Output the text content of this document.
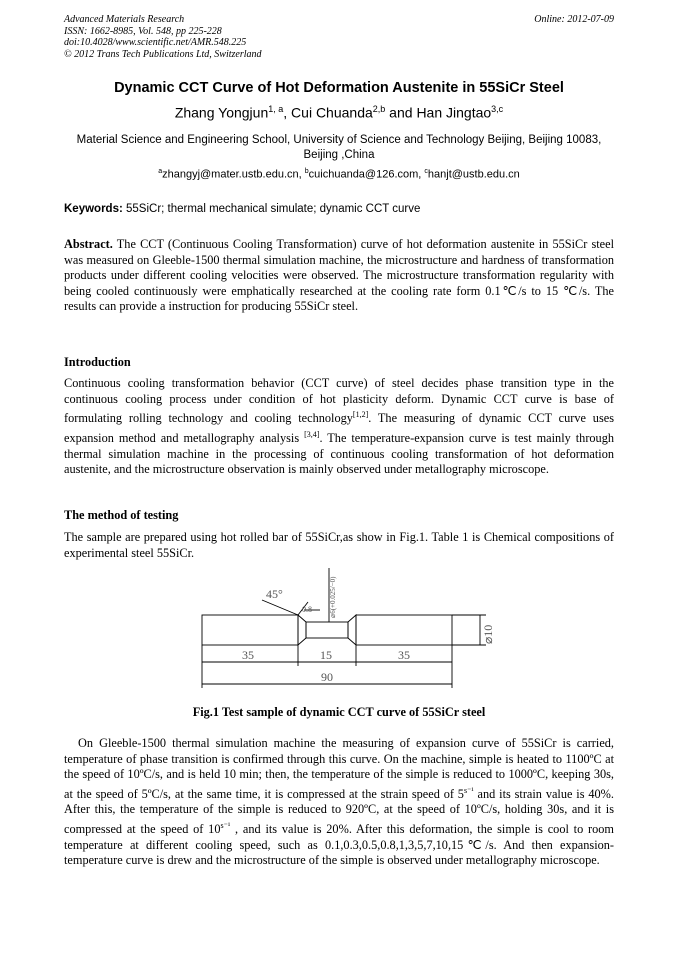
Advanced Materials Research
ISSN: 1662-8985, Vol. 548, pp 225-228
doi:10.4028/www.scientific.net/AMR.548.225
© 2012 Trans Tech Publications Ltd, Switzerland
Online: 2012-07-09
Dynamic CCT Curve of Hot Deformation Austenite in 55SiCr Steel
Zhang Yongjun$^{1, a}$, Cui Chuanda$^{2,b}$ and Han Jingtao$^{3,c}$
Material Science and Engineering School, University of Science and Technology Beijing, Beijing 10083, Beijing ,China
$^a$zhangyj@mater.ustb.edu.cn, $^b$cuichuanda@126.com, $^c$hanjt@ustb.edu.cn
Keywords: 55SiCr; thermal mechanical simulate; dynamic CCT curve
Abstract. The CCT (Continuous Cooling Transformation) curve of hot deformation austenite in 55SiCr steel was measured on Gleeble-1500 thermal simulation machine, the microstructure and hardness of transformation products under different cooling velocities were observed. The microstructure transformation regularity with being cooled continuously were emphatically researched at the cooling rate form 0.1℃/s to 15 ℃/s. The results can provide a instruction for producing 55SiCr steel.
Introduction
Continuous cooling transformation behavior (CCT curve) of steel decides phase transition type in the continuous cooling process under condition of hot plasticity deform. Dynamic CCT curve is base of formulating rolling technology and cooling technology[1,2]. The measuring of dynamic CCT curve uses expansion method and metallography analysis [3,4]. The temperature-expansion curve is test mainly through thermal simulation machine in the processing of continuous cooling transformation of hot deformation austenite, and the microstructure observation is mainly observed under metallography microscope.
The method of testing
The sample are prepared using hot rolled bar of 55SiCr,as show in Fig.1. Table 1 is Chemical compositions of experimental steel 55SiCr.
45°
0.8
35	15	35
90
⌀10
⌀6(+0.025/−0)
Fig.1 Test sample of dynamic CCT curve of 55SiCr steel
On Gleeble-1500 thermal simulation machine the measuring of expansion curve of 55SiCr is carried, temperature of phase transition is confirmed through this curve. On the machine, simple is heated to 1100ºC at the speed of 10ºC/s, and is held 10 min; then, the temperature of the simple is reduced to 1000ºC, keeping 30s, at the speed of 5ºC/s, at the same time, it is compressed at the strain speed of $5^{s^{-1}}$ and its strain value is 40%. After this, the temperature of the simple is reduced to 920ºC, at the speed of 10ºC/s, holding 30s, and it is compressed at the speed of $10^{s^{-1}}$ , and its value is 20%. After this deformation, the simple is cool to room temperature at different cooling speed, such as 0.1,0.3,0.5,0.8,1,3,5,7,10,15℃/s. And then expansion-temperature curve is drew and the microstructure of the simple is observed under metallography microscope.
